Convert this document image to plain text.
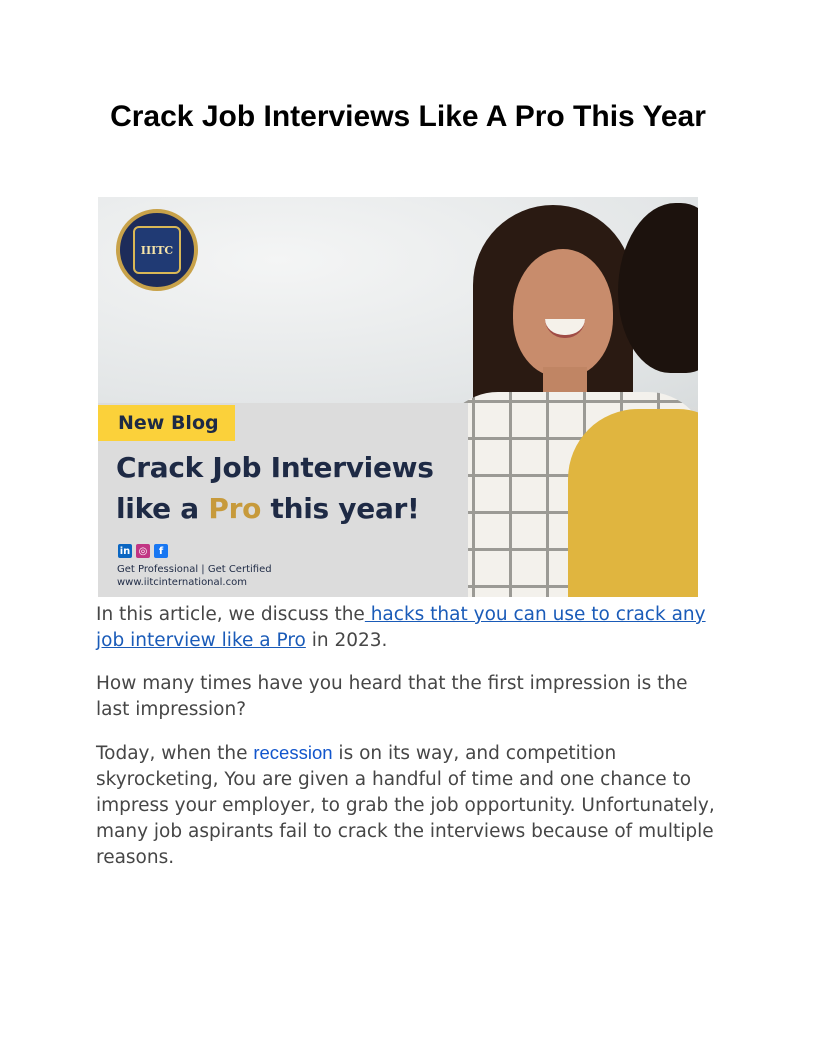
Crack Job Interviews Like A Pro This Year
IIITC
New Blog

Crack Job Interviews like a Pro this year!

in ◎	f
Get Professional | Get Certified
www.iitcinternational.com

In this article, we discuss the hacks that you can use to crack any job interview like a Pro in 2023.

How many times have you heard that the first impression is the last impression?

Today, when the recession is on its way, and competition skyrocketing, You are given a handful of time and one chance to impress your employer, to grab the job opportunity. Unfortunately, many job aspirants fail to crack the interviews because of multiple reasons.
